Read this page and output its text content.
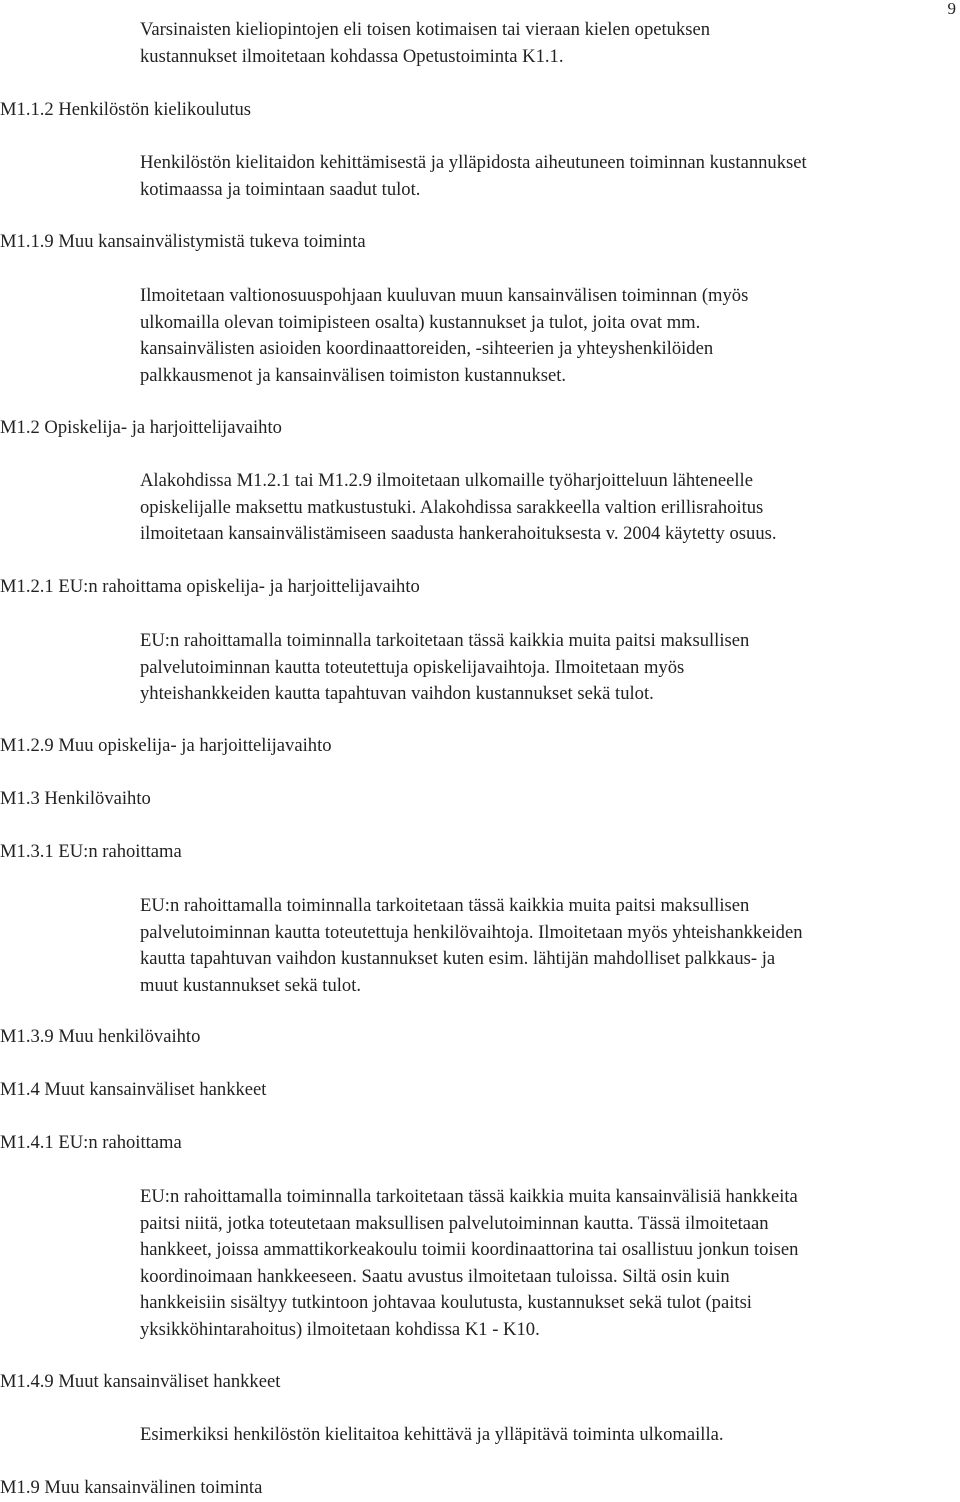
9
Varsinaisten kieliopintojen eli toisen kotimaisen tai vieraan kielen opetuksen
kustannukset ilmoitetaan kohdassa Opetustoiminta K1.1.
M1.1.2 Henkilöstön kielikoulutus
Henkilöstön kielitaidon kehittämisestä ja ylläpidosta aiheutuneen toiminnan kustannukset
kotimaassa ja toimintaan saadut tulot.
M1.1.9 Muu kansainvälistymistä tukeva toiminta
Ilmoitetaan valtionosuuspohjaan kuuluvan muun kansainvälisen toiminnan (myös
ulkomailla olevan toimipisteen osalta) kustannukset ja tulot, joita ovat mm.
kansainvälisten asioiden koordinaattoreiden, -sihteerien ja yhteyshenkilöiden
palkkausmenot ja kansainvälisen toimiston kustannukset.
M1.2 Opiskelija- ja harjoittelijavaihto
Alakohdissa M1.2.1 tai M1.2.9 ilmoitetaan ulkomaille työharjoitteluun lähteneelle
opiskelijalle maksettu matkustustuki. Alakohdissa sarakkeella valtion erillisrahoitus
ilmoitetaan kansainvälistämiseen saadusta hankerahoituksesta v. 2004 käytetty osuus.
M1.2.1 EU:n rahoittama opiskelija- ja harjoittelijavaihto
EU:n rahoittamalla toiminnalla tarkoitetaan tässä kaikkia muita paitsi maksullisen
palvelutoiminnan kautta toteutettuja opiskelijavaihtoja. Ilmoitetaan myös
yhteishankkeiden kautta tapahtuvan vaihdon kustannukset sekä tulot.
M1.2.9 Muu opiskelija- ja harjoittelijavaihto
M1.3 Henkilövaihto
M1.3.1 EU:n rahoittama
EU:n rahoittamalla toiminnalla tarkoitetaan tässä kaikkia muita paitsi maksullisen
palvelutoiminnan kautta toteutettuja henkilövaihtoja. Ilmoitetaan myös yhteishankkeiden
kautta tapahtuvan vaihdon kustannukset kuten esim. lähtijän mahdolliset palkkaus- ja
muut kustannukset sekä tulot.
M1.3.9 Muu henkilövaihto
M1.4 Muut kansainväliset hankkeet
M1.4.1 EU:n rahoittama
EU:n rahoittamalla toiminnalla tarkoitetaan tässä kaikkia muita kansainvälisiä hankkeita
paitsi niitä, jotka toteutetaan maksullisen palvelutoiminnan kautta. Tässä ilmoitetaan
hankkeet, joissa ammattikorkeakoulu toimii koordinaattorina tai osallistuu jonkun toisen
koordinoimaan hankkeeseen. Saatu avustus ilmoitetaan tuloissa. Siltä osin kuin
hankkeisiin sisältyy tutkintoon johtavaa koulutusta, kustannukset sekä tulot (paitsi
yksikköhintarahoitus) ilmoitetaan kohdissa K1 - K10.
M1.4.9 Muut kansainväliset hankkeet
Esimerkiksi henkilöstön kielitaitoa kehittävä ja ylläpitävä toiminta ulkomailla.
M1.9 Muu kansainvälinen toiminta
